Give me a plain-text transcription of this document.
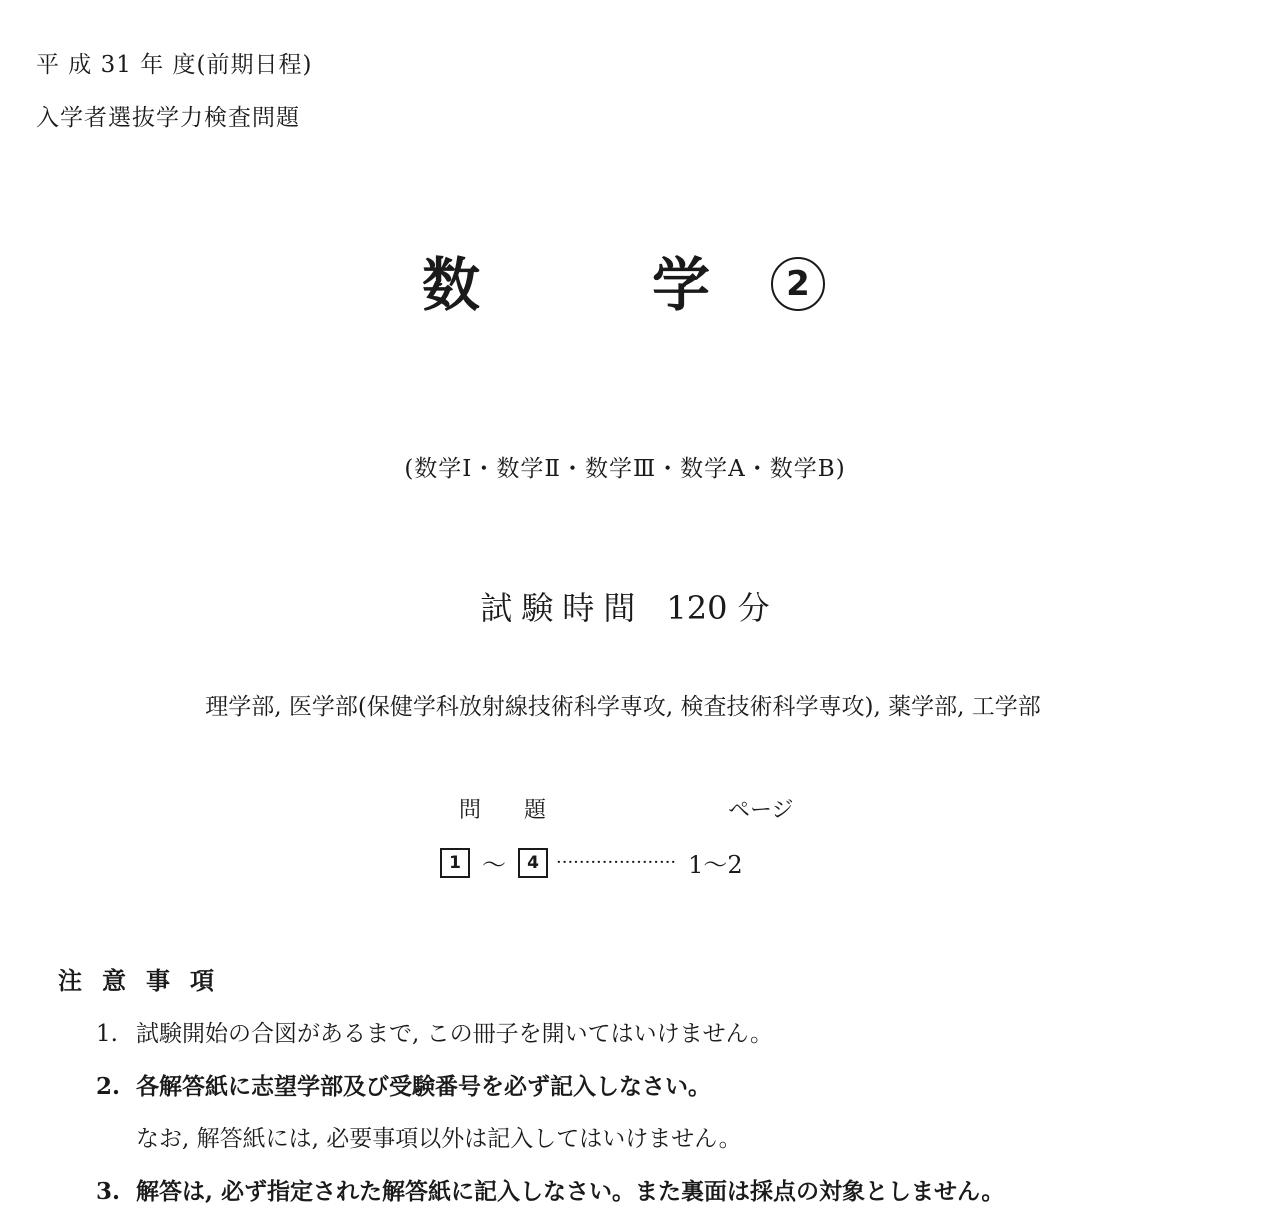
平 成 31 年 度(前期日程)
入学者選抜学力検査問題
数	学	2
(数学Ⅰ・数学Ⅱ・数学Ⅲ・数学A・数学B)
試験時間 120 分
理学部, 医学部(保健学科放射線技術科学専攻, 検査技術科学専攻), 薬学部, 工学部
問 題	ページ
1 〜 4 ····················· 1〜2
注意事項
1. 試験開始の合図があるまで, この冊子を開いてはいけません。
2. 各解答紙に志望学部及び受験番号を必ず記入しなさい。
なお, 解答紙には, 必要事項以外は記入してはいけません。
3. 解答は, 必ず指定された解答紙に記入しなさい。また裏面は採点の対象としません。
